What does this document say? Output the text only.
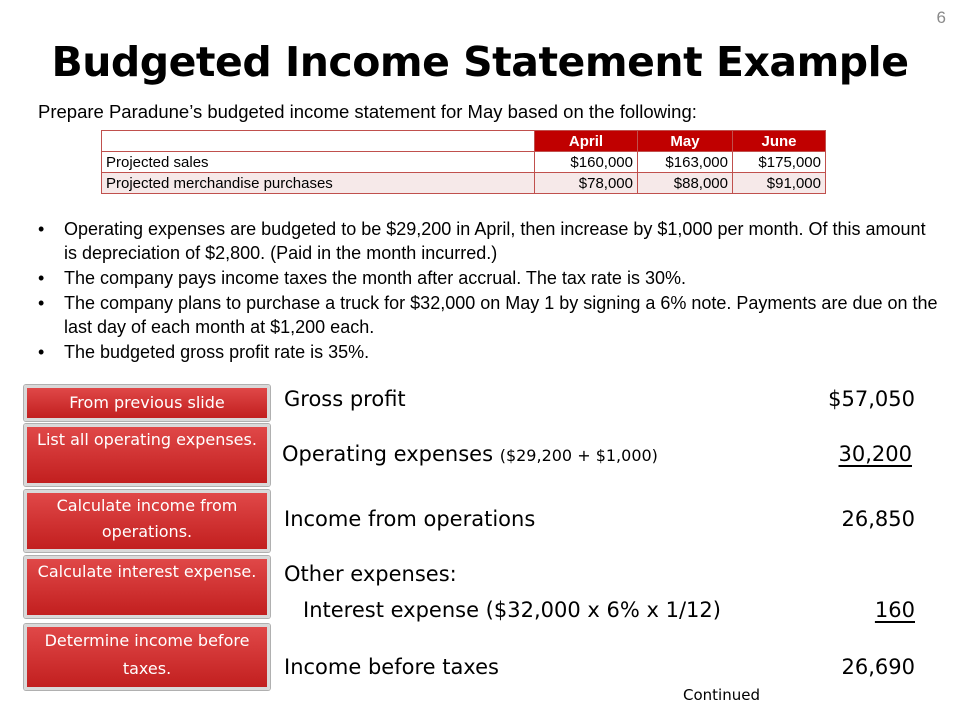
6
Budgeted Income Statement Example
Prepare Paradune’s budgeted income statement for May based on the following:
	April	May	June
Projected sales	$160,000	$163,000	$175,000
Projected merchandise purchases	$78,000	$88,000	$91,000
• Operating expenses are budgeted to be $29,200 in April, then increase by $1,000 per month. Of this amount is depreciation of $2,800. (Paid in the month incurred.)
• The company pays income taxes the month after accrual. The tax rate is 30%.
• The company plans to purchase a truck for $32,000 on May 1 by signing a 6% note. Payments are due on the last day of each month at $1,200 each.
• The budgeted gross profit rate is 35%.
From previous slide
List all operating expenses.
Calculate income from operations.
Calculate interest expense.
Determine income before taxes.
Gross profit	$57,050
Operating expenses ($29,200 + $1,000)	30,200
Income from operations	26,850
Other expenses:
Interest expense ($32,000 x 6% x 1/12)	160
Income before taxes	26,690
Continued
